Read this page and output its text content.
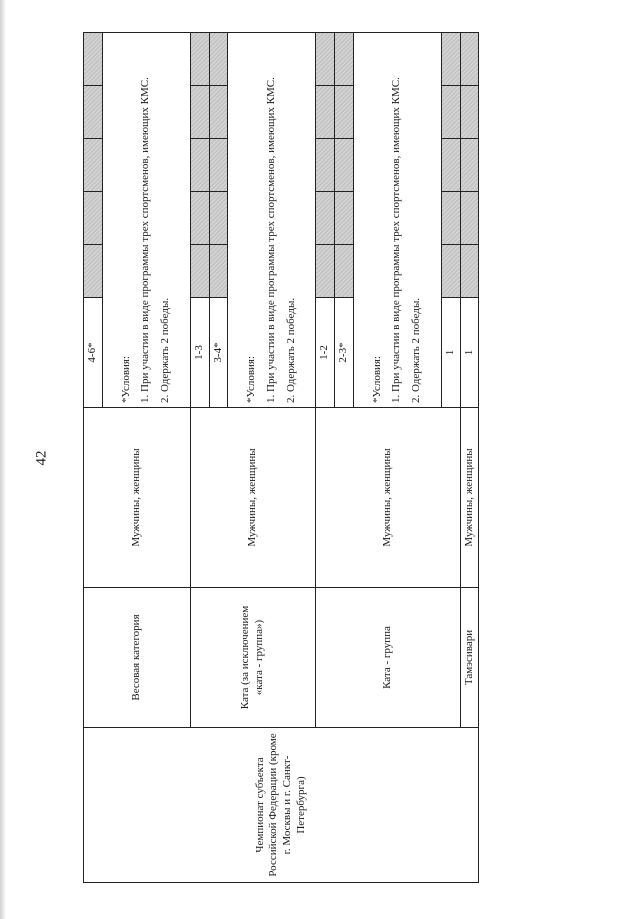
42
Чемпионат субъекта Российской Федерации (кроме г. Москвы и г. Санкт-Петербурга)	Весовая категория	Мужчины, женщины	4-6*					

			*Условия: 1. При участии в виде программы трех спортсменов, имеющих КМС. 2. Одержать 2 победы.					

	Ката (за исключением «ката - группа»)	Мужчины, женщины	1-3					
			3-4*					

			*Условия: 1. При участии в виде программы трех спортсменов, имеющих КМС. 2. Одержать 2 победы.					

	Ката - группа	Мужчины, женщины	1-2					
			2-3*					

			*Условия: 1. При участии в виде программы трех спортсменов, имеющих КМС. 2. Одержать 2 победы.					

			1					
	Тамэсивари	Мужчины, женщины	1					
